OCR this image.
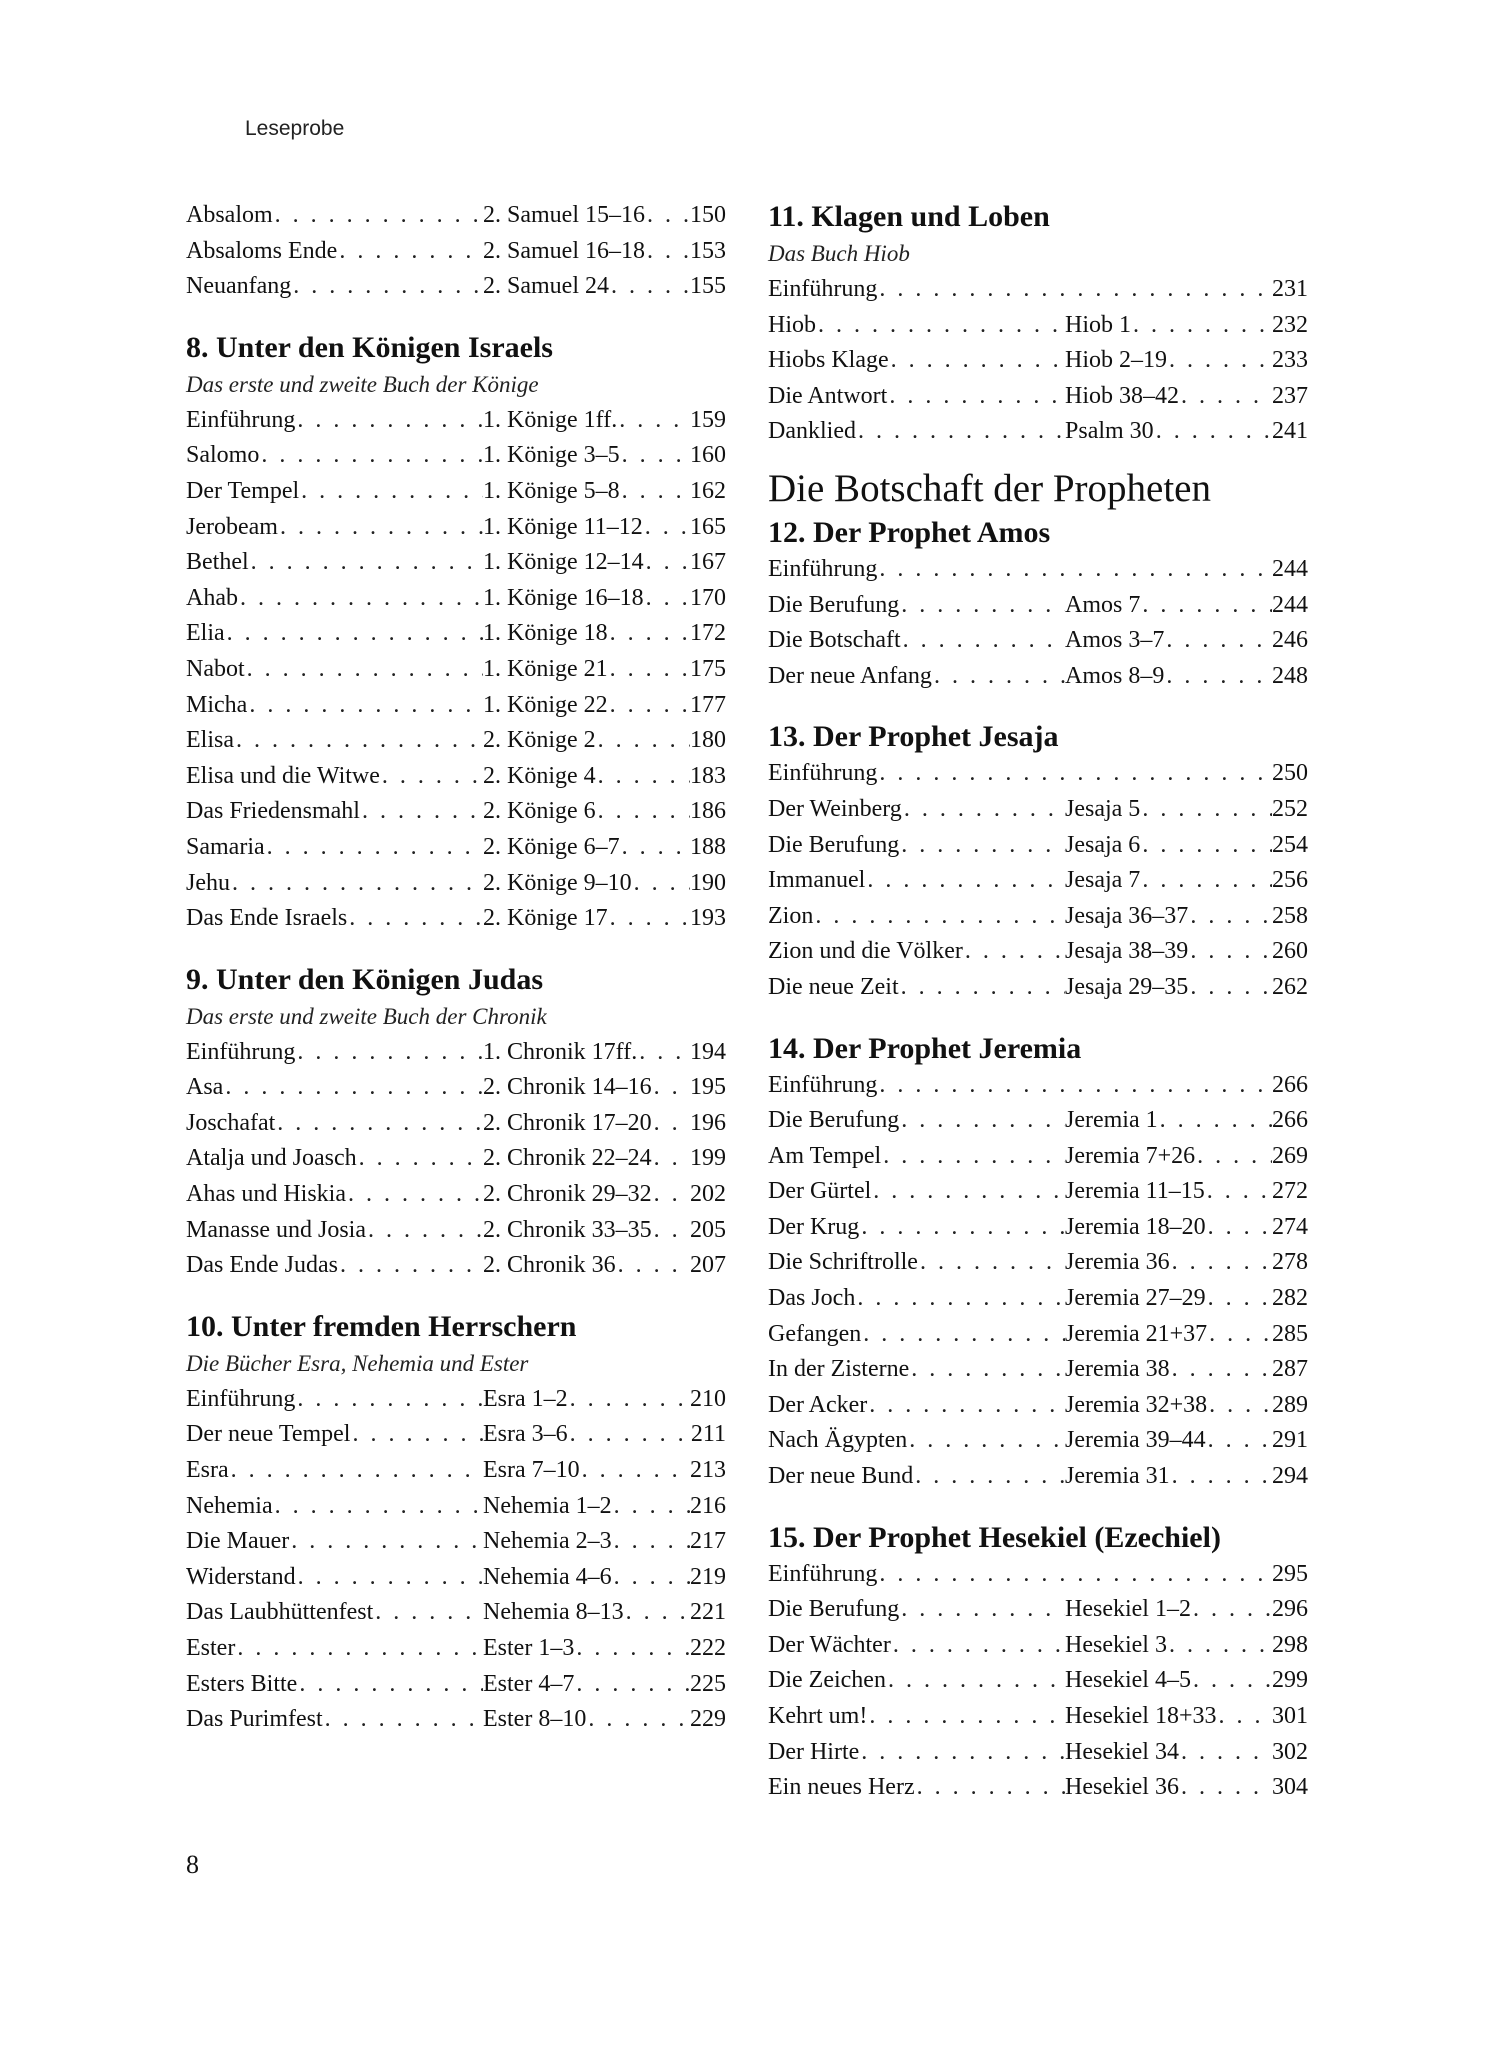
Leseprobe
Absalom . . .	2. Samuel 15–16 . . . 150
Absaloms Ende . . .	2. Samuel 16–18 . . . 153
Neuanfang . . .	2. Samuel 24 . . .	155
8. Unter den Königen Israels
Das erste und zweite Buch der Könige
Einführung . . .	1. Könige 1ff. . . .	159
Salomo . . .	1. Könige 3–5 . . .	160
Der Tempel . . .	1. Könige 5–8 . . .	162
Jerobeam . . .	1. Könige 11–12 . . . 165
Bethel . . .	1. Könige 12–14 . . . 167
Ahab . . .	1. Könige 16–18 . . . 170
Elia . . .	1. Könige 18 . . .	172
Nabot . . .	1. Könige 21 . . .	175
Micha . . .	1. Könige 22 . . .	177
Elisa . . .	2. Könige 2 . . .	180
Elisa und die Witwe . . .	2. Könige 4 . . .	183
Das Friedensmahl . . .	2. Könige 6 . . .	186
Samaria . . .	2. Könige 6–7 . . .	188
Jehu . . .	2. Könige 9–10 . . . 190
Das Ende Israels . . .	2. Könige 17 . . .	193
9. Unter den Königen Judas
Das erste und zweite Buch der Chronik
Einführung . . .	1. Chronik 17ff. . . . 194
Asa . . .	2. Chronik 14–16 . . . 195
Joschafat . . .	2. Chronik 17–20 . . . 196
Atalja und Joasch . . .	2. Chronik 22–24 . . . 199
Ahas und Hiskia . . .	2. Chronik 29–32 . . . 202
Manasse und Josia . . .	2. Chronik 33–35 . . . 205
Das Ende Judas . . .	2. Chronik 36 . . .	207
10. Unter fremden Herrschern
Die Bücher Esra, Nehemia und Ester
Einführung . . .	Esra 1–2 . . .	210
Der neue Tempel . . .	Esra 3–6 . . .	211
Esra . . .	Esra 7–10 . . .	213
Nehemia . . .	Nehemia 1–2 . . .	216
Die Mauer . . .	Nehemia 2–3 . . .	217
Widerstand . . .	Nehemia 4–6 . . .	219
Das Laubhüttenfest . . .	Nehemia 8–13 . . .	221
Ester . . .	Ester 1–3 . . .	222
Esters Bitte . . .	Ester 4–7 . . .	225
Das Purimfest . . .	Ester 8–10 . . .	229
11. Klagen und Loben
Das Buch Hiob
Einführung . . .	231
Hiob . . .	Hiob 1 . . .	232
Hiobs Klage . . .	Hiob 2–19 . . .	233
Die Antwort . . .	Hiob 38–42 . . .	237
Danklied . . .	Psalm 30 . . .	241
Die Botschaft der Propheten
12. Der Prophet Amos
Einführung . . .	244
Die Berufung . . .	Amos 7 . . .	244
Die Botschaft . . .	Amos 3–7 . . .	246
Der neue Anfang . . .	Amos 8–9 . . .	248
13. Der Prophet Jesaja
Einführung . . .	250
Der Weinberg . . .	Jesaja 5 . . .	252
Die Berufung . . .	Jesaja 6 . . .	254
Immanuel . . .	Jesaja 7 . . .	256
Zion . . .	Jesaja 36–37 . . .	258
Zion und die Völker . . .	Jesaja 38–39 . . .	260
Die neue Zeit . . .	Jesaja 29–35 . . .	262
14. Der Prophet Jeremia
Einführung . . .	266
Die Berufung . . .	Jeremia 1 . . .	266
Am Tempel . . .	Jeremia 7+26 . . .	269
Der Gürtel . . .	Jeremia 11–15 . . .	272
Der Krug . . .	Jeremia 18–20 . . .	274
Die Schriftrolle . . .	Jeremia 36 . . .	278
Das Joch . . .	Jeremia 27–29 . . .	282
Gefangen . . .	Jeremia 21+37 . . .	285
In der Zisterne . . .	Jeremia 38 . . .	287
Der Acker . . .	Jeremia 32+38 . . .	289
Nach Ägypten . . .	Jeremia 39–44 . . .	291
Der neue Bund . . .	Jeremia 31 . . .	294
15. Der Prophet Hesekiel (Ezechiel)
Einführung . . .	295
Die Berufung . . .	Hesekiel 1–2 . . .	296
Der Wächter . . .	Hesekiel 3 . . .	298
Die Zeichen . . .	Hesekiel 4–5 . . .	299
Kehrt um! . . .	Hesekiel 18+33 . . . 301
Der Hirte . . .	Hesekiel 34 . . .	302
Ein neues Herz . . .	Hesekiel 36 . . .	304
8
